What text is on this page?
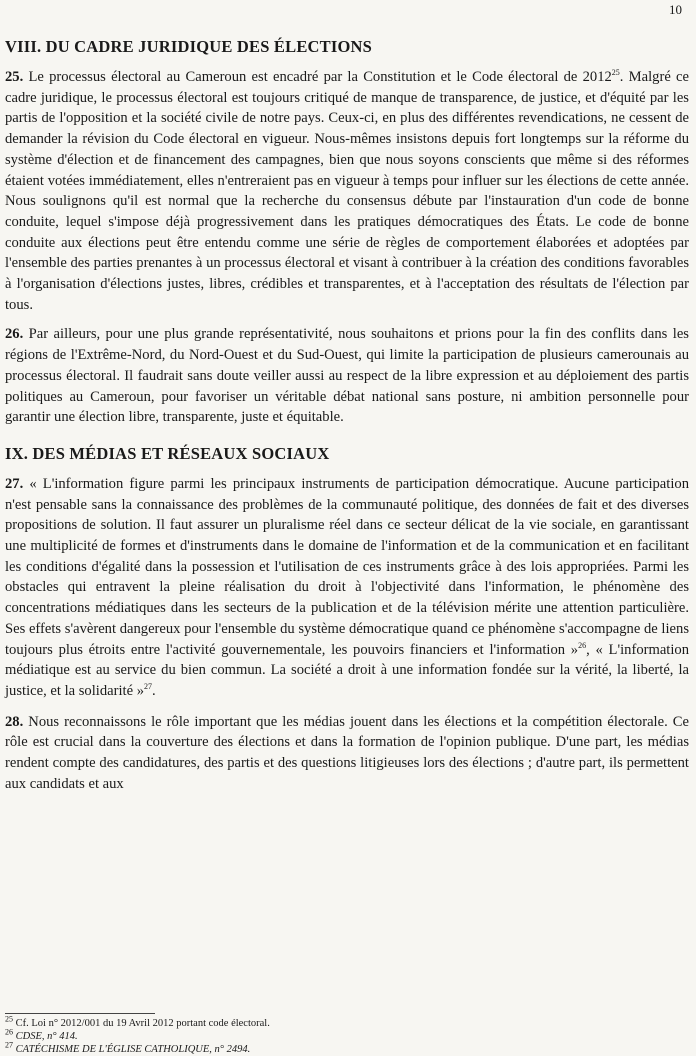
10
VIII. DU CADRE JURIDIQUE DES ÉLECTIONS

25. Le processus électoral au Cameroun est encadré par la Constitution et le Code électoral de 2012$^{25}$. Malgré ce cadre juridique, le processus électoral est toujours critiqué de manque de transparence, de justice, et d'équité par les partis de l'opposition et la société civile de notre pays. Ceux-ci, en plus des différentes revendications, ne cessent de demander la révision du Code électoral en vigueur. Nous-mêmes insistons depuis fort longtemps sur la réforme du système d'élection et de financement des campagnes, bien que nous soyons conscients que même si des réformes étaient votées immédiatement, elles n'entreraient pas en vigueur à temps pour influer sur les élections de cette année. Nous soulignons qu'il est normal que la recherche du consensus débute par l'instauration d'un code de bonne conduite, lequel s'impose déjà progressivement dans les pratiques démocratiques des États. Le code de bonne conduite aux élections peut être entendu comme une série de règles de comportement élaborées et adoptées par l'ensemble des parties prenantes à un processus électoral et visant à contribuer à la création des conditions favorables à l'organisation d'élections justes, libres, crédibles et transparentes, et à l'acceptation des résultats de l'élection par tous.

26. Par ailleurs, pour une plus grande représentativité, nous souhaitons et prions pour la fin des conflits dans les régions de l'Extrême-Nord, du Nord-Ouest et du Sud-Ouest, qui limite la participation de plusieurs camerounais au processus électoral. Il faudrait sans doute veiller aussi au respect de la libre expression et au déploiement des partis politiques au Cameroun, pour favoriser un véritable débat national sans posture, ni ambition personnelle pour garantir une élection libre, transparente, juste et équitable.

IX. DES MÉDIAS ET RÉSEAUX SOCIAUX

27. « L'information figure parmi les principaux instruments de participation démocratique. Aucune participation n'est pensable sans la connaissance des problèmes de la communauté politique, des données de fait et des diverses propositions de solution. Il faut assurer un pluralisme réel dans ce secteur délicat de la vie sociale, en garantissant une multiplicité de formes et d'instruments dans le domaine de l'information et de la communication et en facilitant les conditions d'égalité dans la possession et l'utilisation de ces instruments grâce à des lois appropriées. Parmi les obstacles qui entravent la pleine réalisation du droit à l'objectivité dans l'information, le phénomène des concentrations médiatiques dans les secteurs de la publication et de la télévision mérite une attention particulière. Ses effets s'avèrent dangereux pour l'ensemble du système démocratique quand ce phénomène s'accompagne de liens toujours plus étroits entre l'activité gouvernementale, les pouvoirs financiers et l'information »$^{26}$, « L'information médiatique est au service du bien commun. La société a droit à une information fondée sur la vérité, la liberté, la justice, et la solidarité »$^{27}$.

28. Nous reconnaissons le rôle important que les médias jouent dans les élections et la compétition électorale. Ce rôle est crucial dans la couverture des élections et dans la formation de l'opinion publique. D'une part, les médias rendent compte des candidatures, des partis et des questions litigieuses lors des élections ; d'autre part, ils permettent aux candidats et aux

$^{25}$ Cf. Loi n° 2012/001 du 19 Avril 2012 portant code électoral.

$^{26}$ CDSE, n° 414.

$^{27}$ CATÉCHISME DE L'ÉGLISE CATHOLIQUE, n° 2494.
